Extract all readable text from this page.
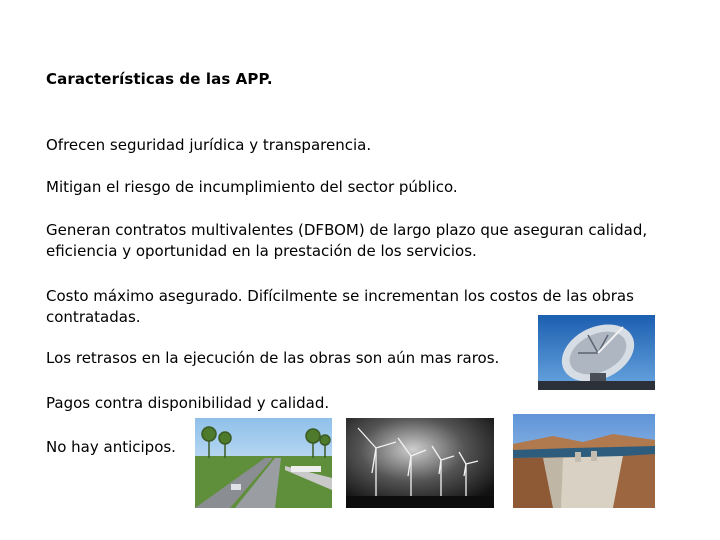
Características de las APP.
Ofrecen seguridad jurídica y transparencia.
Mitigan el riesgo de incumplimiento del sector público.
Generan contratos multivalentes (DFBOM) de largo plazo que aseguran calidad, eficiencia y oportunidad en la prestación de los servicios.
Costo máximo asegurado. Difícilmente se incrementan los costos de las obras contratadas.
Los retrasos en la ejecución de las obras son aún mas raros.
Pagos contra disponibilidad y calidad.
No hay anticipos.
